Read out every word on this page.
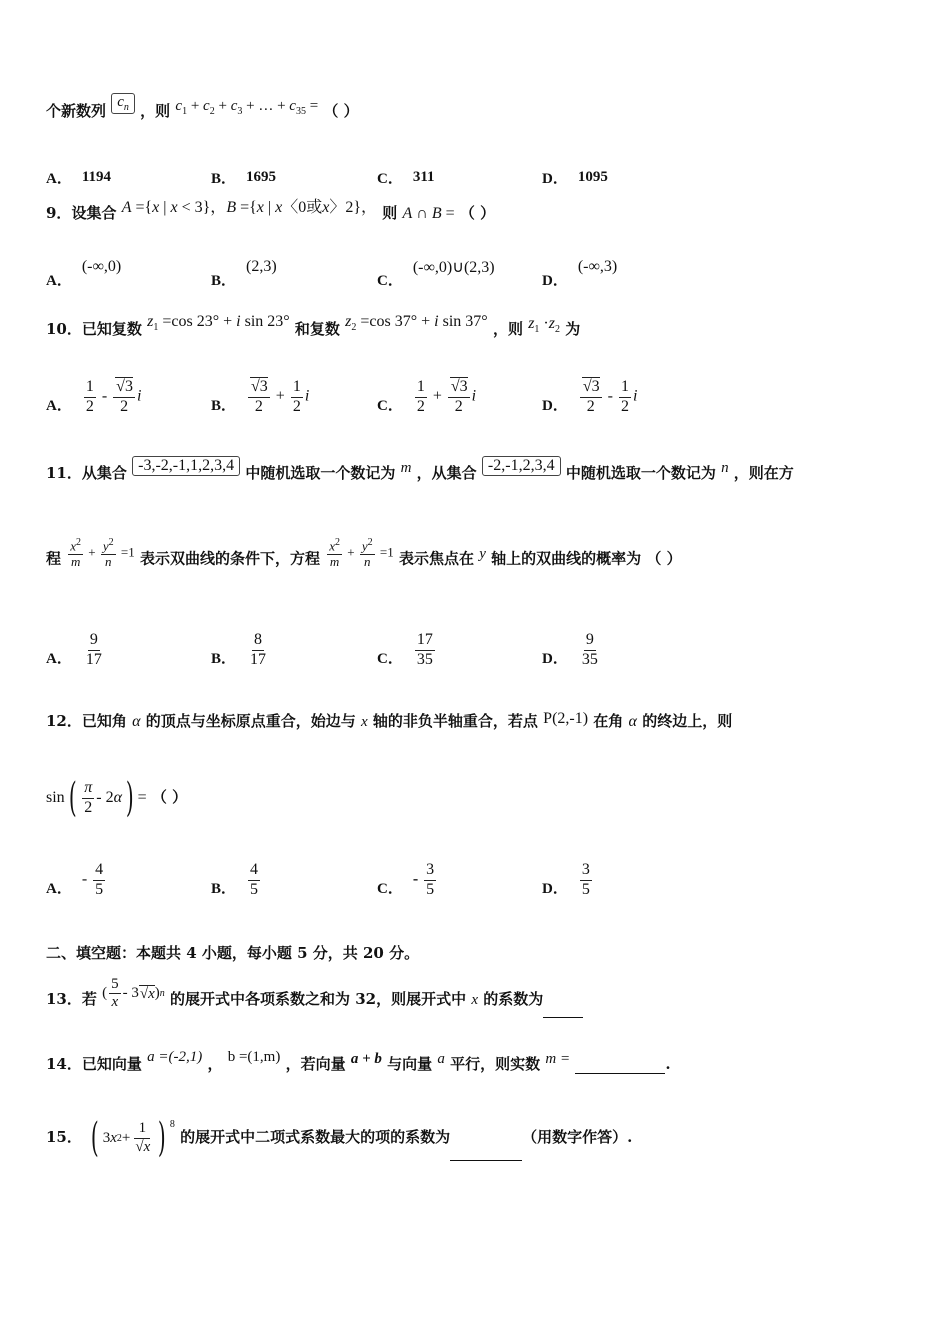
个新数列 $c_n$ ，则 $c_1 + c_2 + c_3$ + … + $c_{35}$ = （ ）
A． 1194	B． 1695	C． 311	D． 1095
9．设集合 A ={x | x < 3}，B ={x | x〈0或x〉2}， 则 A ∩ B = （ ）
A．
(-∞,0)
B．
(2,3)
C．
(-∞,0)∪(2,3)
D．
(-∞,3)
10．已知复数 $z_1 =\cos$ 23° + i sin 23° 和复数 $z_2 =\cos$ 37° + i sin 37° ，则 $z_1 \cdot z_2$ 为
A． $\frac{1}{2} - \frac{√3}{2}$ i
B． $\frac{√3}{2} + \frac{1}{2}$ i
C． $\frac{1}{2} + \frac{√3}{2}$ i
D． $\frac{√3}{2} - \frac{1}{2}$ i
11．从集合 -3,-2,-1,1,2,3,4 中随机选取一个数记为 m ，从集合 -2,-1,2,3,4 中随机选取一个数记为 n ，则在方
程 $\frac{x^2}{m} + \frac{y^2}{n} =1$ 表示双曲线的条件下，方程 $\frac{x^2}{m} + \frac{y^2}{n} =1$ 表示焦点在 y 轴上的双曲线的概率为 （ ）
A． $\frac{9}{17}$	B． $\frac{8}{17}$	C． $\frac{17}{35}$	D． $\frac{9}{35}$
12．已知角 α 的顶点与坐标原点重合，始边与 x 轴的非负半轴重合，若点 P(2,-1) 在角 α 的终边上，则
sin ( $\frac{\pi}{2} - 2$ α ) = （ ）
A．
- $\frac{4}{5}$	B． $\frac{4}{5}$	C．
- $\frac{3}{5}$	D． $\frac{3}{5}$
二、填空题：本题共 4 小题，每小题 5 分，共 20 分。
13．若 ( $\frac{5}{x} - 3$ √x ) n 的展开式中各项系数之和为 32，则展开式中 x 的系数为
14．已知向量 a =(-2,1) ， b =(1,m) ，若向量 a + b 与向量 a 平行，则实数 m =	.
15． ( 3 x $2 + \frac{1}{√x}$ ) $^8$
的展开式中二项式系数最大的项的系数为	（用数字作答）.
